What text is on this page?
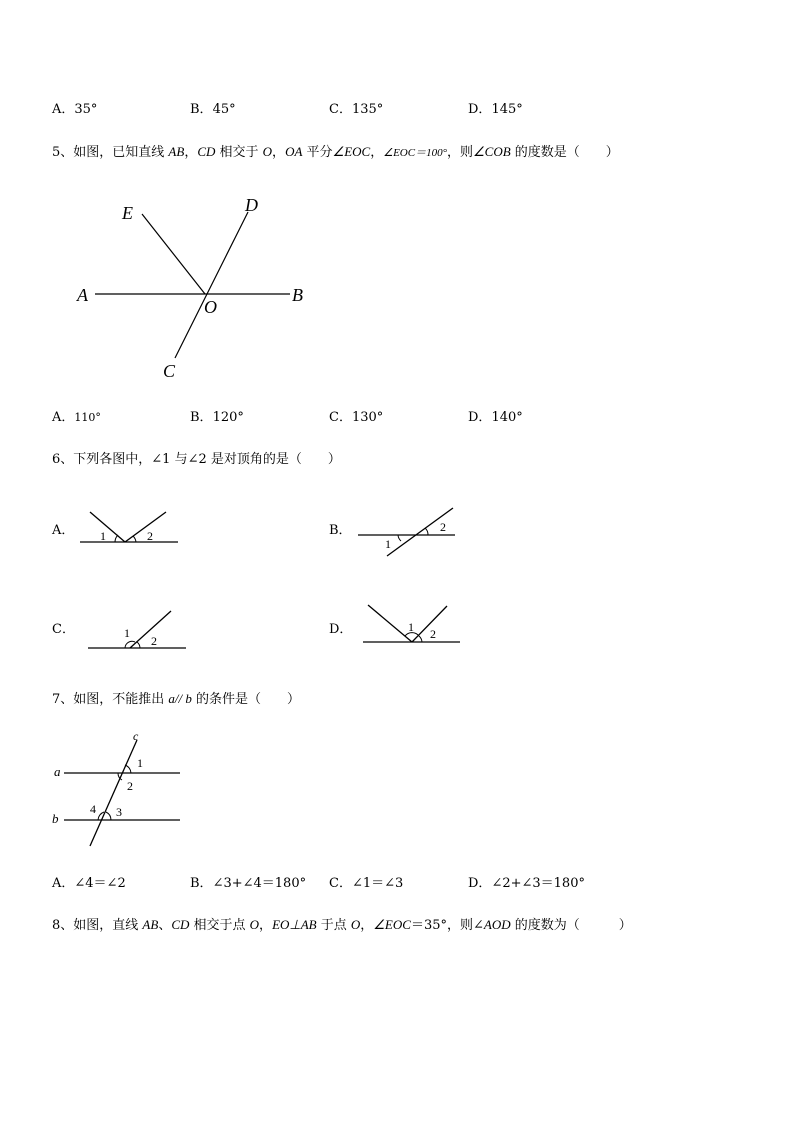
A．35°	B．45°	C．135°	D．145°
5、如图，已知直线 AB，CD 相交于 O，OA 平分∠EOC，∠EOC＝100°，则∠COB 的度数是（　　）
E	D
A
O
B
C
A．110°	B．120°	C．130°	D．140°
6、下列各图中，∠1 与∠2 是对顶角的是（　　）
A． 1	2	B．
1
2
C．	1
2
D．	1 2
7、如图，不能推出 a// b 的条件是（　　）
a
b
c
1
2
3
4
A．∠4＝∠2	B．∠3+∠4＝180° C．∠1＝∠3	D．∠2+∠3＝180°
8、如图，直线 AB、CD 相交于点 O，EO⊥AB 于点 O，∠EOC＝35°，则∠AOD 的度数为（　　　）
